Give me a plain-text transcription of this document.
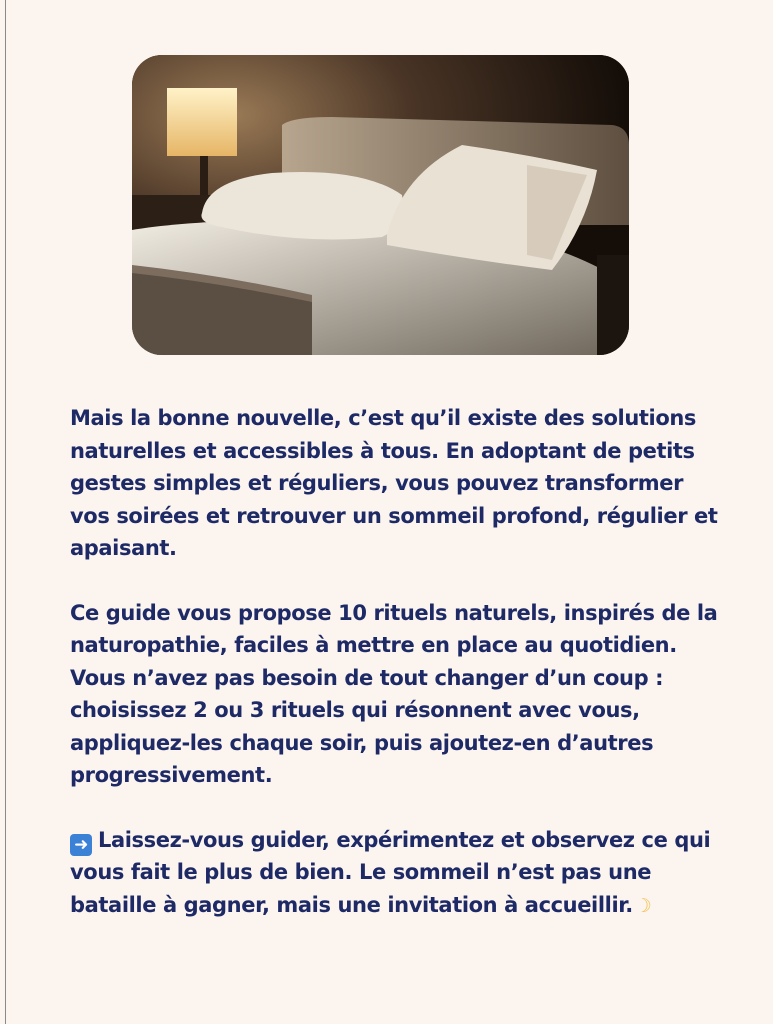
Mais la bonne nouvelle, c’est qu’il existe des solutions naturelles et accessibles à tous. En adoptant de petits gestes simples et réguliers, vous pouvez transformer vos soirées et retrouver un sommeil profond, régulier et apaisant.

Ce guide vous propose 10 rituels naturels, inspirés de la naturopathie, faciles à mettre en place au quotidien. Vous n’avez pas besoin de tout changer d’un coup : choisissez 2 ou 3 rituels qui résonnent avec vous, appliquez-les chaque soir, puis ajoutez-en d’autres progressivement.

➜ Laissez-vous guider, expérimentez et observez ce qui vous fait le plus de bien. Le sommeil n’est pas une bataille à gagner, mais une invitation à accueillir. ☽
